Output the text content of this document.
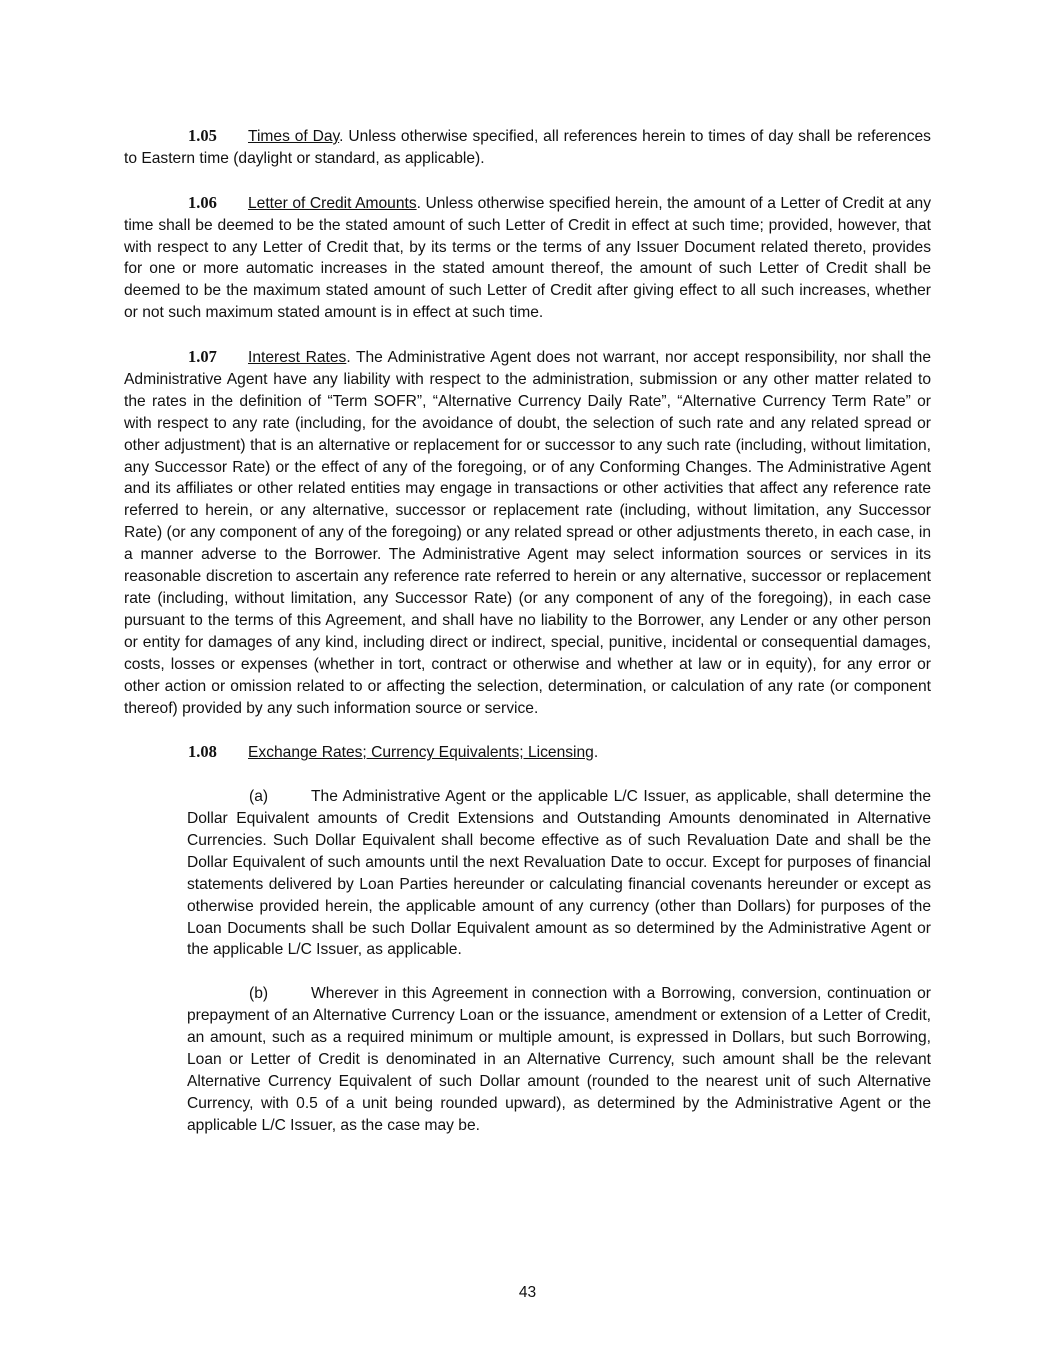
1.05 Times of Day. Unless otherwise specified, all references herein to times of day shall be references to Eastern time (daylight or standard, as applicable).

1.06 Letter of Credit Amounts. Unless otherwise specified herein, the amount of a Letter of Credit at any time shall be deemed to be the stated amount of such Letter of Credit in effect at such time; provided, however, that with respect to any Letter of Credit that, by its terms or the terms of any Issuer Document related thereto, provides for one or more automatic increases in the stated amount thereof, the amount of such Letter of Credit shall be deemed to be the maximum stated amount of such Letter of Credit after giving effect to all such increases, whether or not such maximum stated amount is in effect at such time.

1.07 Interest Rates. The Administrative Agent does not warrant, nor accept responsibility, nor shall the Administrative Agent have any liability with respect to the administration, submission or any other matter related to the rates in the definition of “Term SOFR”, “Alternative Currency Daily Rate”, “Alternative Currency Term Rate” or with respect to any rate (including, for the avoidance of doubt, the selection of such rate and any related spread or other adjustment) that is an alternative or replacement for or successor to any such rate (including, without limitation, any Successor Rate) or the effect of any of the foregoing, or of any Conforming Changes. The Administrative Agent and its affiliates or other related entities may engage in transactions or other activities that affect any reference rate referred to herein, or any alternative, successor or replacement rate (including, without limitation, any Successor Rate) (or any component of any of the foregoing) or any related spread or other adjustments thereto, in each case, in a manner adverse to the Borrower. The Administrative Agent may select information sources or services in its reasonable discretion to ascertain any reference rate referred to herein or any alternative, successor or replacement rate (including, without limitation, any Successor Rate) (or any component of any of the foregoing), in each case pursuant to the terms of this Agreement, and shall have no liability to the Borrower, any Lender or any other person or entity for damages of any kind, including direct or indirect, special, punitive, incidental or consequential damages, costs, losses or expenses (whether in tort, contract or otherwise and whether at law or in equity), for any error or other action or omission related to or affecting the selection, determination, or calculation of any rate (or component thereof) provided by any such information source or service.

1.08 Exchange Rates; Currency Equivalents; Licensing.

(a)	The Administrative Agent or the applicable L/C Issuer, as applicable, shall determine the Dollar Equivalent amounts of Credit Extensions and Outstanding Amounts denominated in Alternative Currencies. Such Dollar Equivalent shall become effective as of such Revaluation Date and shall be the Dollar Equivalent of such amounts until the next Revaluation Date to occur. Except for purposes of financial statements delivered by Loan Parties hereunder or calculating financial covenants hereunder or except as otherwise provided herein, the applicable amount of any currency (other than Dollars) for purposes of the Loan Documents shall be such Dollar Equivalent amount as so determined by the Administrative Agent or the applicable L/C Issuer, as applicable.

(b)	Wherever in this Agreement in connection with a Borrowing, conversion, continuation or prepayment of an Alternative Currency Loan or the issuance, amendment or extension of a Letter of Credit, an amount, such as a required minimum or multiple amount, is expressed in Dollars, but such Borrowing, Loan or Letter of Credit is denominated in an Alternative Currency, such amount shall be the relevant Alternative Currency Equivalent of such Dollar amount (rounded to the nearest unit of such Alternative Currency, with 0.5 of a unit being rounded upward), as determined by the Administrative Agent or the applicable L/C Issuer, as the case may be.

43
